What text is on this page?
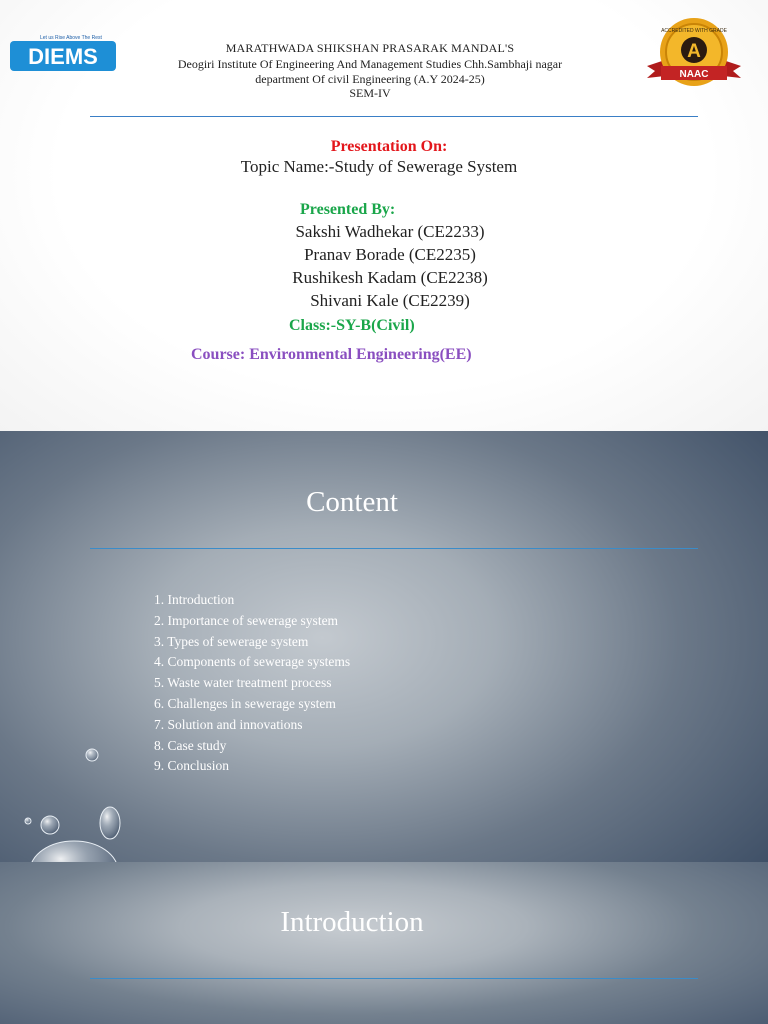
DIEMS
Let us Rise Above The Rest
ACCREDITED WITH GRADE
A
NAAC
MARATHWADA SHIKSHAN PRASARAK MANDAL'S
Deogiri Institute Of Engineering And Management Studies Chh.Sambhaji nagar
department Of civil Engineering (A.Y 2024-25)
SEM-IV
Presentation On:
Topic Name:-Study of Sewerage System
Presented By:
Sakshi Wadhekar (CE2233)
Pranav Borade (CE2235)
Rushikesh Kadam (CE2238)
Shivani Kale (CE2239)
Class:-SY-B(Civil)
Course: Environmental Engineering(EE)
Content
1. Introduction
2. Importance of sewerage system
3. Types of sewerage system
4. Components of sewerage systems
5. Waste water treatment process
6. Challenges in sewerage system
7. Solution and innovations
8. Case study
9. Conclusion
Introduction
